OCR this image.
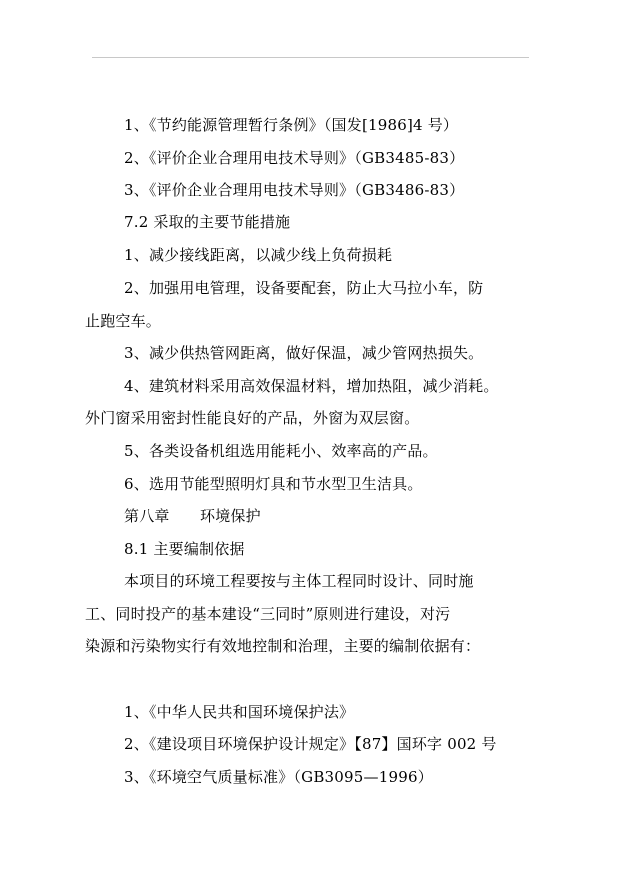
1、《节约能源管理暂行条例》（国发[1986]4 号）
2、《评价企业合理用电技术导则》（GB3485-83）
3、《评价企业合理用电技术导则》（GB3486-83）
7.2 采取的主要节能措施
1、减少接线距离，以减少线上负荷损耗
2、加强用电管理，设备要配套，防止大马拉小车，防
止跑空车。
3、减少供热管网距离，做好保温，减少管网热损失。
4、建筑材料采用高效保温材料，增加热阻，减少消耗。
外门窗采用密封性能良好的产品，外窗为双层窗。
5、各类设备机组选用能耗小、效率高的产品。
6、选用节能型照明灯具和节水型卫生洁具。
第八章　　环境保护
8.1 主要编制依据
本项目的环境工程要按与主体工程同时设计、同时施
工、同时投产的基本建设“三同时”原则进行建设，对污
染源和污染物实行有效地控制和治理，主要的编制依据有：
1、《中华人民共和国环境保护法》
2、《建设项目环境保护设计规定》【87】国环字 002 号
3、《环境空气质量标准》（GB3095—1996）
